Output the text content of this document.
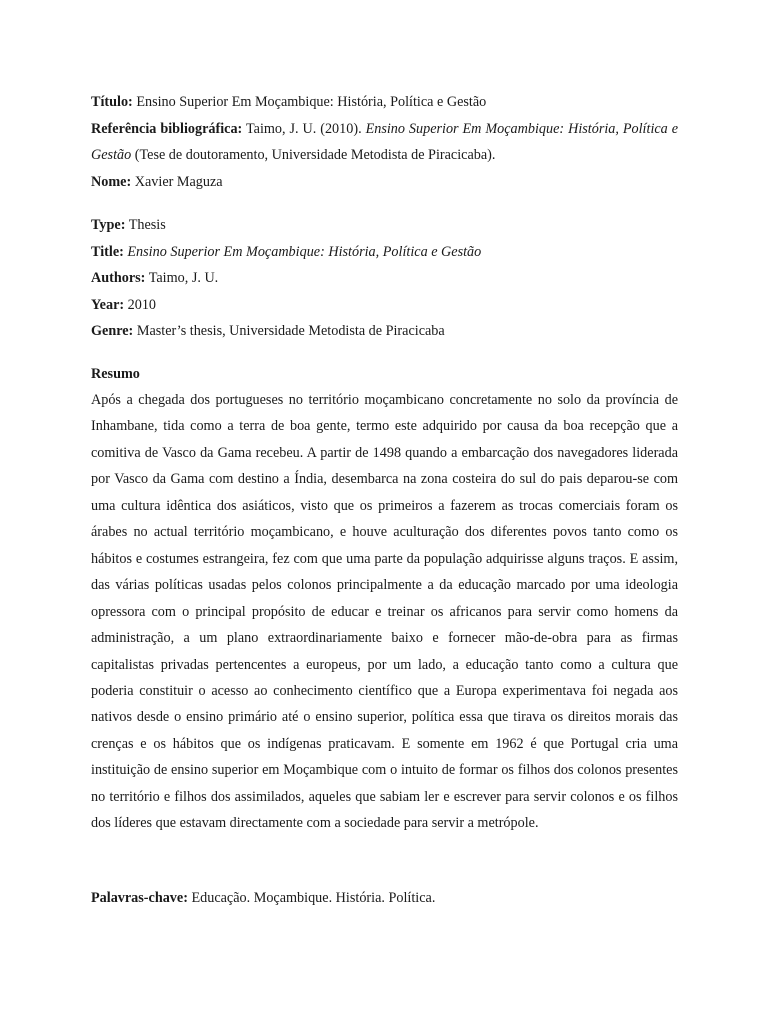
Título: Ensino Superior Em Moçambique: História, Política e Gestão

Referência bibliográfica: Taimo, J. U. (2010). Ensino Superior Em Moçambique: História, Política e Gestão (Tese de doutoramento, Universidade Metodista de Piracicaba).

Nome: Xavier Maguza

Type: Thesis

Title: Ensino Superior Em Moçambique: História, Política e Gestão

Authors: Taimo, J. U.

Year: 2010

Genre: Master’s thesis, Universidade Metodista de Piracicaba

Resumo

Após a chegada dos portugueses no território moçambicano concretamente no solo da província de Inhambane, tida como a terra de boa gente, termo este adquirido por causa da boa recepção que a comitiva de Vasco da Gama recebeu. A partir de 1498 quando a embarcação dos navegadores liderada por Vasco da Gama com destino a Índia, desembarca na zona costeira do sul do pais deparou-se com uma cultura idêntica dos asiáticos, visto que os primeiros a fazerem as trocas comerciais foram os árabes no actual território moçambicano, e houve aculturação dos diferentes povos tanto como os hábitos e costumes estrangeira, fez com que uma parte da população adquirisse alguns traços. E assim, das várias políticas usadas pelos colonos principalmente a da educação marcado por uma ideologia opressora com o principal propósito de educar e treinar os africanos para servir como homens da administração, a um plano extraordinariamente baixo e fornecer mão-de-obra para as firmas capitalistas privadas pertencentes a europeus, por um lado, a educação tanto como a cultura que poderia constituir o acesso ao conhecimento científico que a Europa experimentava foi negada aos nativos desde o ensino primário até o ensino superior, política essa que tirava os direitos morais das crenças e os hábitos que os indígenas praticavam. E somente em 1962 é que Portugal cria uma instituição de ensino superior em Moçambique com o intuito de formar os filhos dos colonos presentes no território e filhos dos assimilados, aqueles que sabiam ler e escrever para servir colonos e os filhos dos líderes que estavam directamente com a sociedade para servir a metrópole.

Palavras-chave: Educação. Moçambique. História. Política.
